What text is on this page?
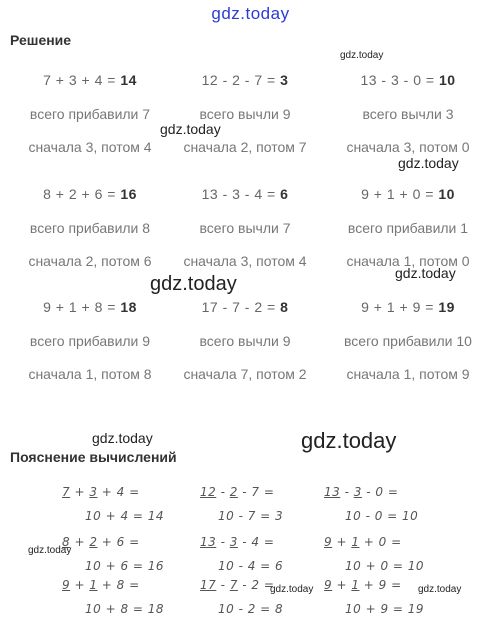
gdz.today
Решение
7 + 3 + 4 = 14
всего прибавили 7
сначала 3, потом 4
12 - 2 - 7 = 3
всего вычли 9
сначала 2, потом 7
13 - 3 - 0 = 10
всего вычли 3
сначала 3, потом 0
8 + 2 + 6 = 16
всего прибавили 8
сначала 2, потом 6
13 - 3 - 4 = 6
всего вычли 7
сначала 3, потом 4
9 + 1 + 0 = 10
всего прибавили 1
сначала 1, потом 0
9 + 1 + 8 = 18
всего прибавили 9
сначала 1, потом 8
17 - 7 - 2 = 8
всего вычли 9
сначала 7, потом 2
9 + 1 + 9 = 19
всего прибавили 10
сначала 1, потом 9
Пояснение вычислений
7 + 3 + 4 =
10 + 4 = 14
12 - 2 - 7 =
10 - 7 = 3
13 - 3 - 0 =
10 - 0 = 10
8 + 2 + 6 =
10 + 6 = 16
13 - 3 - 4 =
10 - 4 = 6
9 + 1 + 0 =
10 + 0 = 10
9 + 1 + 8 =
10 + 8 = 18
17 - 7 - 2 =
10 - 2 = 8
9 + 1 + 9 =
10 + 9 = 19
gdz.today
gdz.today
gdz.today
gdz.today	gdz.today
gdz.today	gdz.today
gdz.today
gdz.today	gdz.today
